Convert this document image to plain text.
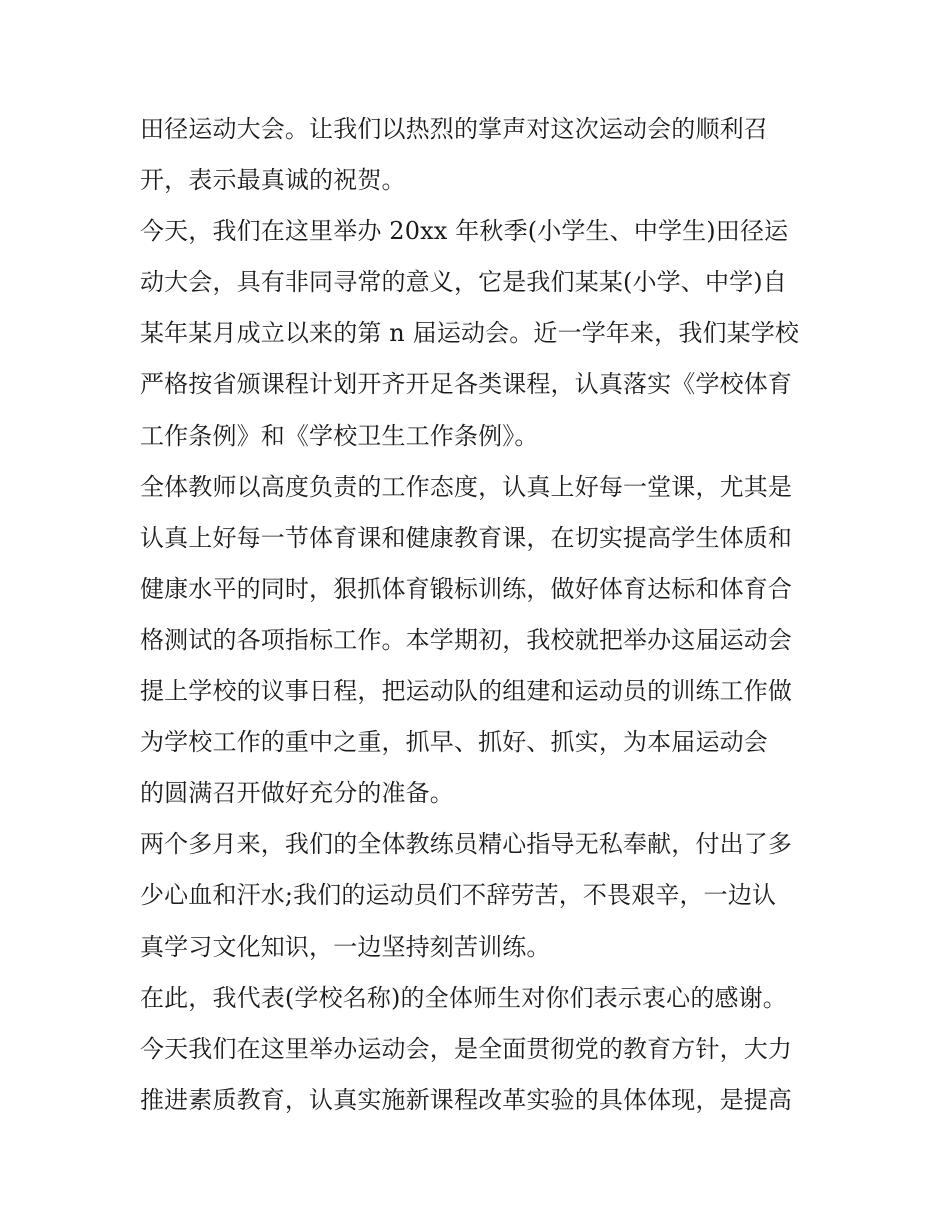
田径运动大会。让我们以热烈的掌声对这次运动会的顺利召
开，表示最真诚的祝贺。
今天，我们在这里举办 20xx 年秋季(小学生、中学生)田径运
动大会，具有非同寻常的意义，它是我们某某(小学、中学)自
某年某月成立以来的第 n 届运动会。近一学年来，我们某学校
严格按省颁课程计划开齐开足各类课程，认真落实《学校体育
工作条例》和《学校卫生工作条例》。
全体教师以高度负责的工作态度，认真上好每一堂课，尤其是
认真上好每一节体育课和健康教育课，在切实提高学生体质和
健康水平的同时，狠抓体育锻标训练，做好体育达标和体育合
格测试的各项指标工作。本学期初，我校就把举办这届运动会
提上学校的议事日程，把运动队的组建和运动员的训练工作做
为学校工作的重中之重，抓早、抓好、抓实，为本届运动会
的圆满召开做好充分的准备。
两个多月来，我们的全体教练员精心指导无私奉献，付出了多
少心血和汗水;我们的运动员们不辞劳苦，不畏艰辛，一边认
真学习文化知识，一边坚持刻苦训练。
在此，我代表(学校名称)的全体师生对你们表示衷心的感谢。
今天我们在这里举办运动会，是全面贯彻党的教育方针，大力
推进素质教育，认真实施新课程改革实验的具体体现，是提高
